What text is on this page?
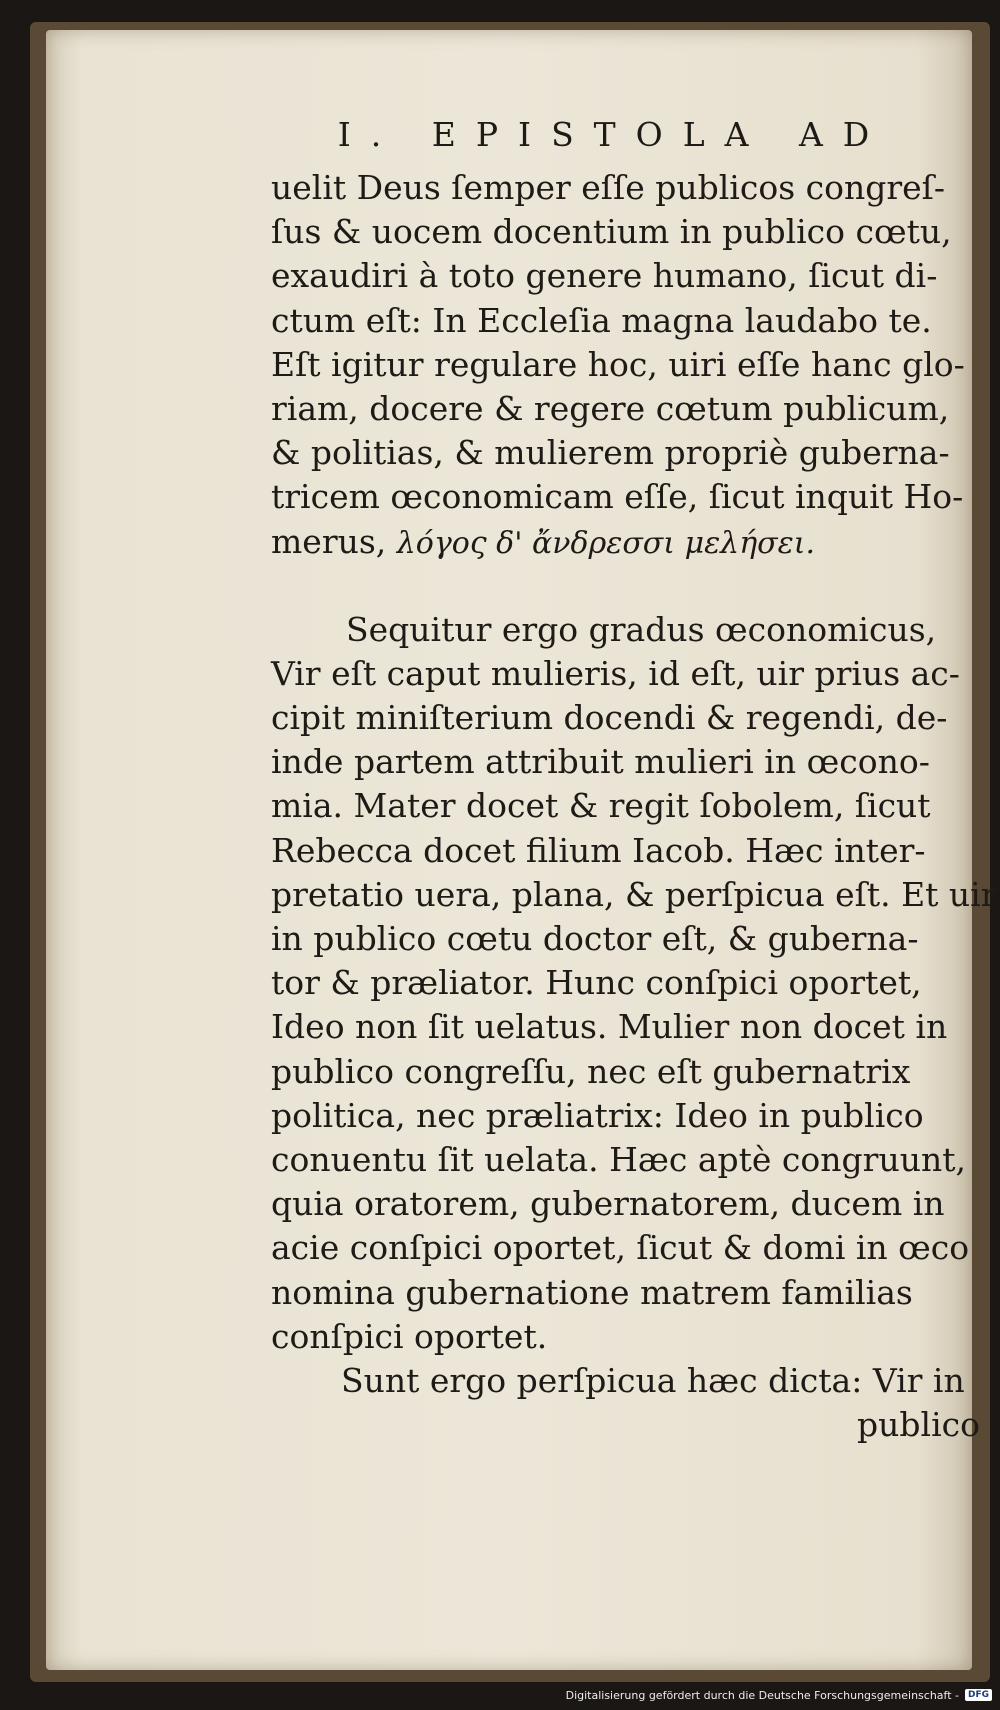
I. EPISTOLA AD
uelit Deus ſemper eſſe publicos congreſ-
ſus & uocem docentium in publico cœtu,
exaudiri à toto genere humano, ſicut di-
ctum eſt: In Eccleſia magna laudabo te.
Eſt igitur regulare hoc, uiri eſſe hanc glo-
riam, docere & regere cœtum publicum,
& politias, & mulierem propriè guberna-
tricem œconomicam eſſe, ſicut inquit Ho-
merus, λόγος δ' ἄνδρεσσι μελήσει.
Sequitur ergo gradus œconomicus,
Vir eſt caput mulieris, id eſt, uir prius ac-
cipit miniſterium docendi & regendi, de-
inde partem attribuit mulieri in œcono-
mia. Mater docet & regit ſobolem, ſicut
Rebecca docet filium Iacob. Hæc inter-
pretatio uera, plana, & perſpicua eſt. Et uir
in publico cœtu doctor eſt, & guberna-
tor & præliator. Hunc conſpici oportet,
Ideo non ſit uelatus. Mulier non docet in
publico congreſſu, nec eſt gubernatrix
politica, nec præliatrix: Ideo in publico
conuentu ſit uelata. Hæc aptè congruunt,
quia oratorem, gubernatorem, ducem in
acie conſpici oportet, ſicut & domi in œco
nomina gubernatione matrem familias
conſpici oportet.
Sunt ergo perſpicua hæc dicta: Vir in
publico
Digitalisierung gefördert durch die Deutsche Forschungsgemeinschaft -	DFG
